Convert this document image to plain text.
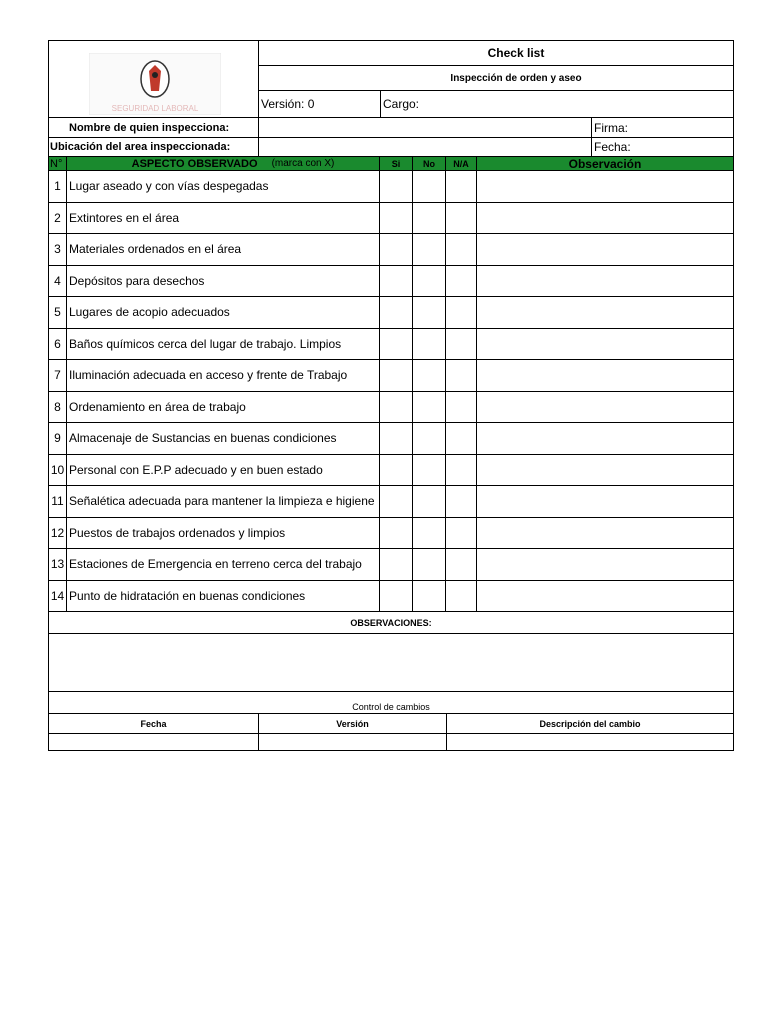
SEGURIDAD LABORAL
Check list
Inspección de orden y aseo
Versión: 0	Cargo:
Nombre de quien inspecciona:	Firma:
Ubicación del area inspeccionada:	Fecha:
N°	ASPECTO OBSERVADO (marca con X)	Si	No	N/A	Observación
1 Lugar aseado y con vías despegadas
2 Extintores en el área
3 Materiales ordenados en el área
4 Depósitos para desechos
5 Lugares de acopio adecuados
6 Baños químicos cerca del lugar de trabajo. Limpios
7 Iluminación adecuada en acceso y frente de Trabajo
8 Ordenamiento en área de trabajo
9 Almacenaje de Sustancias en buenas condiciones
10 Personal con E.P.P adecuado y en buen estado
11 Señalética adecuada para mantener la limpieza e higiene
12 Puestos de trabajos ordenados y limpios
13 Estaciones de Emergencia en terreno cerca del trabajo
14 Punto de hidratación en buenas condiciones
OBSERVACIONES:
Control de cambios
Fecha	Versión	Descripción del cambio
